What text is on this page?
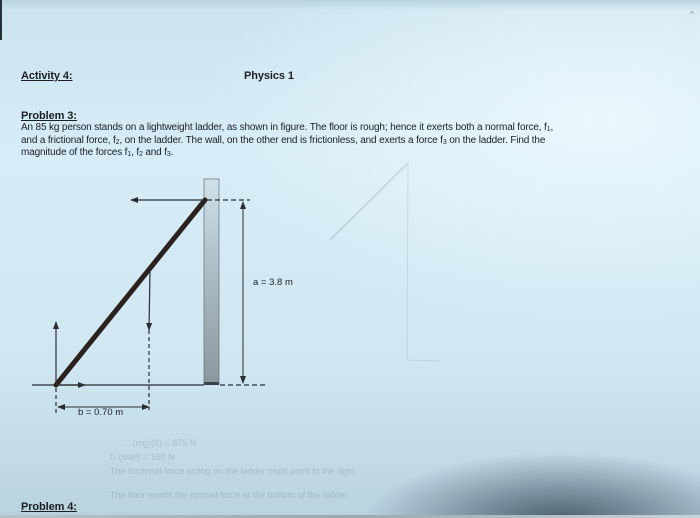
^
Activity 4:	Physics 1
Problem 3:

An 85 kg person stands on a lightweight ladder, as shown in figure. The floor is rough; hence it exerts both a normal force, $f_1$,

and a frictional force, $f_2$, on the ladder. The wall, on the other end is frictionless, and exerts a force $f_3$ on the ladder. Find the

magnitude of the forces $f_1$, $f_2$ and $f_3$.

a = 3.8 m
b = 0.70 m
...(mg)(b) = 875 N
f₃ (wall) = 160 N
The frictional force acting on the ladder must point to the right.
The floor exerts the normal force at the bottom of the ladder.
Problem 4:
